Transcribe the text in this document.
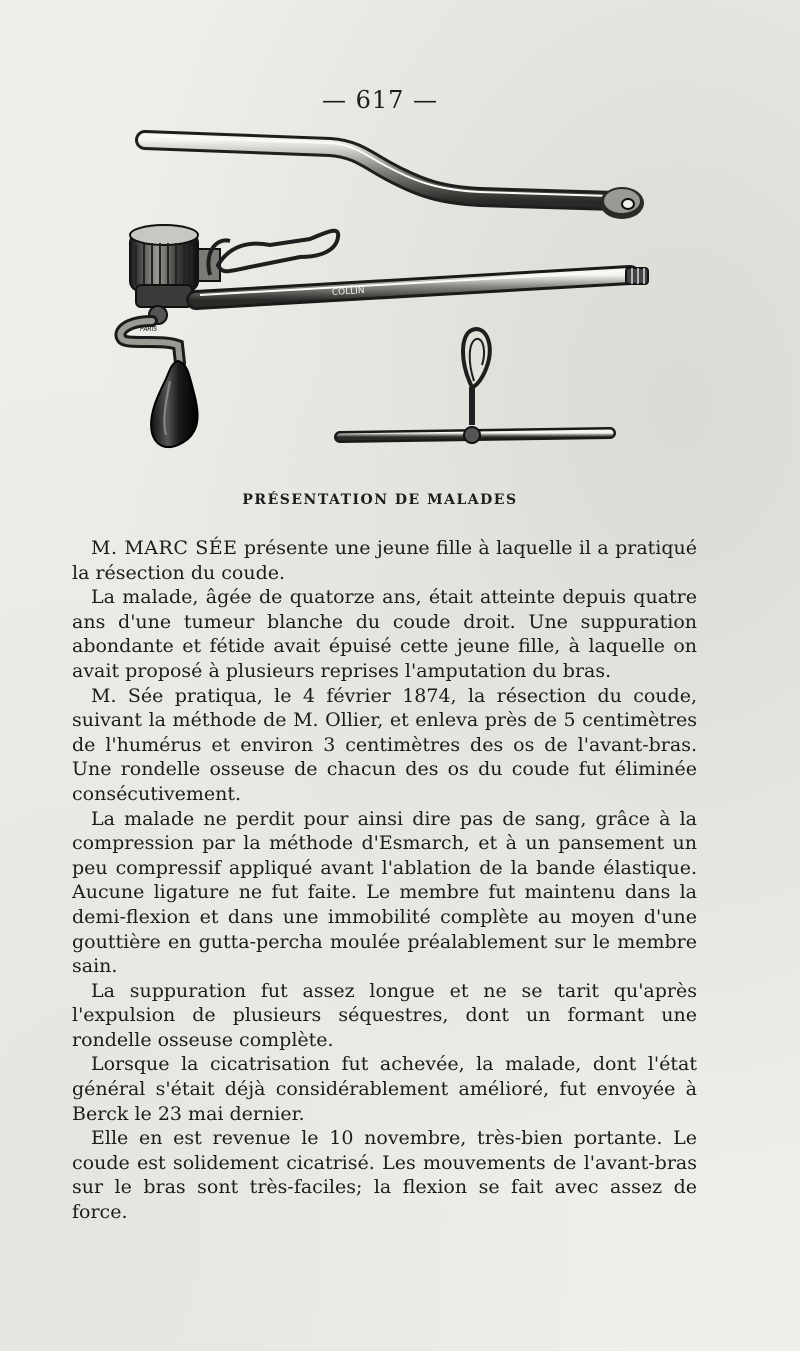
— 617 —
COLLIN
PARIS
PRÉSENTATION DE MALADES

M. MARC SÉE présente une jeune fille à laquelle il a pratiqué la résection du coude.

La malade, âgée de quatorze ans, était atteinte depuis quatre ans d'une tumeur blanche du coude droit. Une suppuration abondante et fétide avait épuisé cette jeune fille, à laquelle on avait proposé à plusieurs reprises l'amputation du bras.

M. Sée pratiqua, le 4 février 1874, la résection du coude, suivant la méthode de M. Ollier, et enleva près de 5 centimètres de l'humérus et environ 3 centimètres des os de l'avant-bras. Une rondelle osseuse de chacun des os du coude fut éliminée consécutivement.

La malade ne perdit pour ainsi dire pas de sang, grâce à la compression par la méthode d'Esmarch, et à un pansement un peu compressif appliqué avant l'ablation de la bande élastique. Aucune ligature ne fut faite. Le membre fut maintenu dans la demi-flexion et dans une immobilité complète au moyen d'une gouttière en gutta-percha moulée préalablement sur le membre sain.

La suppuration fut assez longue et ne se tarit qu'après l'expulsion de plusieurs séquestres, dont un formant une rondelle osseuse complète.

Lorsque la cicatrisation fut achevée, la malade, dont l'état général s'était déjà considérablement amélioré, fut envoyée à Berck le 23 mai dernier.

Elle en est revenue le 10 novembre, très-bien portante. Le coude est solidement cicatrisé. Les mouvements de l'avant-bras sur le bras sont très-faciles; la flexion se fait avec assez de force.
